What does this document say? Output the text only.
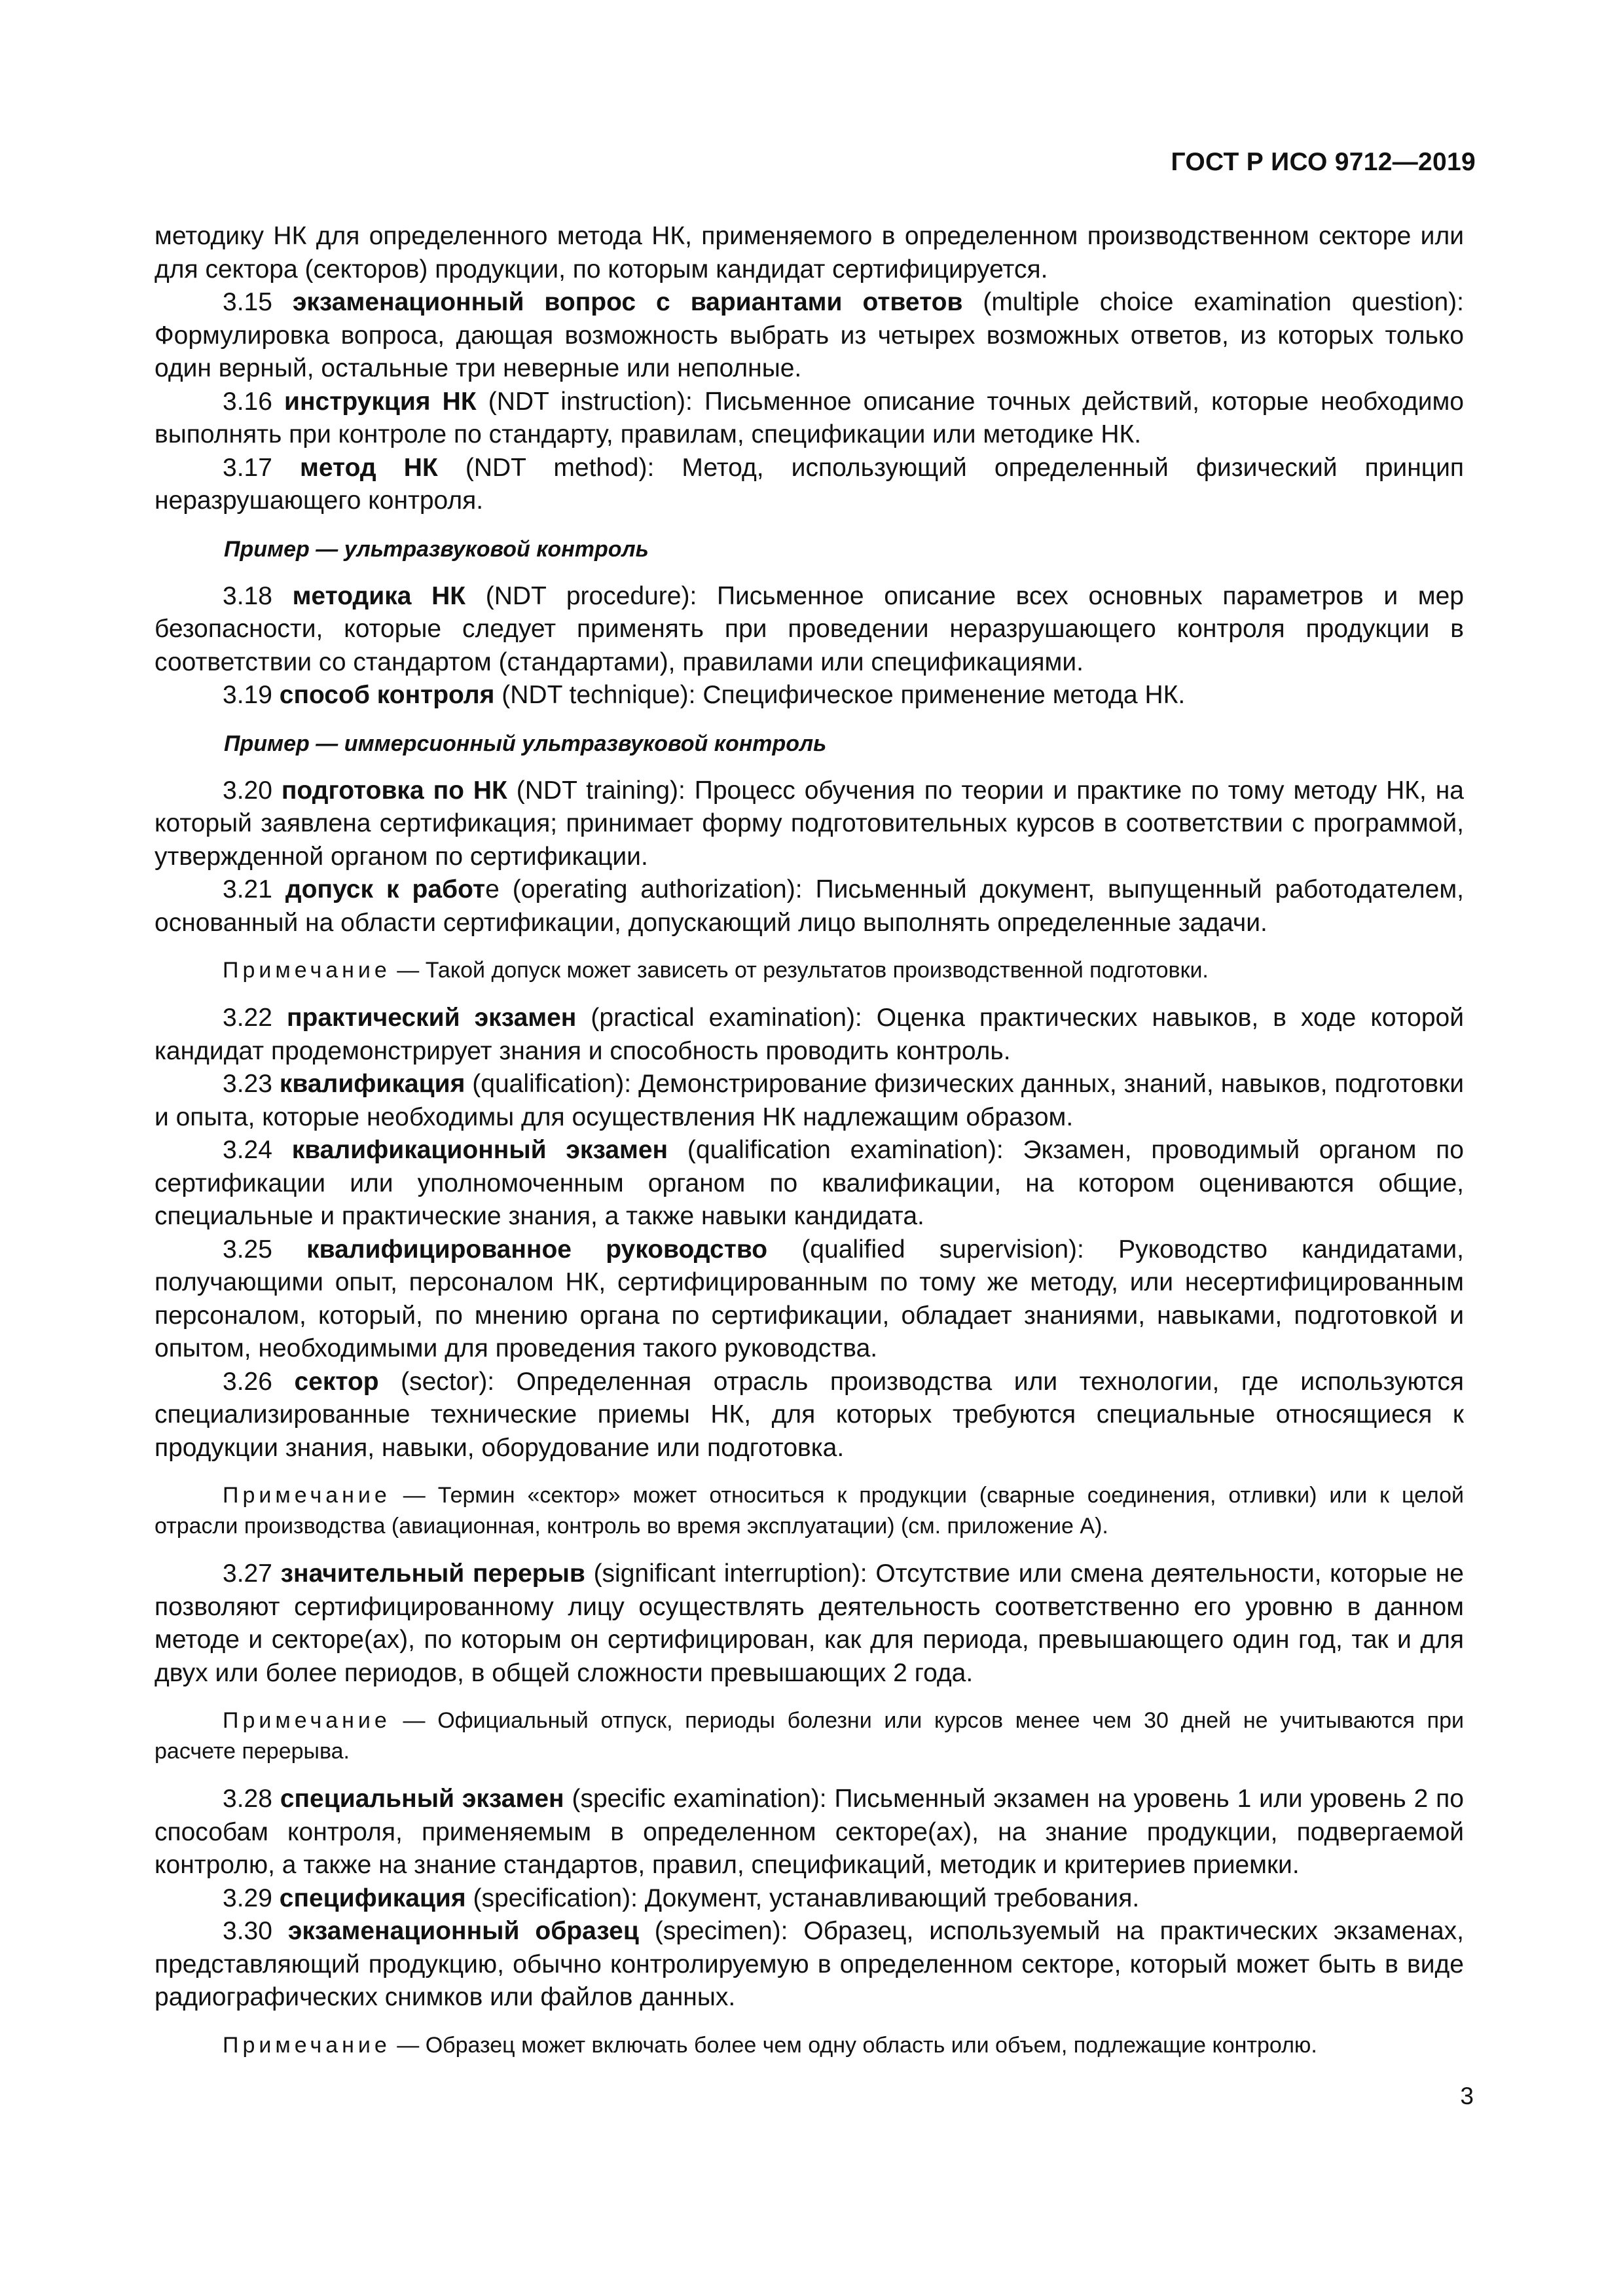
ГОСТ Р ИСО 9712—2019

методику НК для определенного метода НК, применяемого в определенном производственном секторе или для сектора (секторов) продукции, по которым кандидат сертифицируется.

3.15 экзаменационный вопрос с вариантами ответов (multiple choice examination question): Формулировка вопроса, дающая возможность выбрать из четырех возможных ответов, из которых только один верный, остальные три неверные или неполные.

3.16 инструкция НК (NDT instruction): Письменное описание точных действий, которые необходимо выполнять при контроле по стандарту, правилам, спецификации или методике НК.

3.17 метод НК (NDT method): Метод, использующий определенный физический принцип неразрушающего контроля.

Пример — ультразвуковой контроль

3.18 методика НК (NDT procedure): Письменное описание всех основных параметров и мер безопасности, которые следует применять при проведении неразрушающего контроля продукции в соответствии со стандартом (стандартами), правилами или спецификациями.

3.19 способ контроля (NDT technique): Специфическое применение метода НК.

Пример — иммерсионный ультразвуковой контроль

3.20 подготовка по НК (NDT training): Процесс обучения по теории и практике по тому методу НК, на который заявлена сертификация; принимает форму подготовительных курсов в соответствии с программой, утвержденной органом по сертификации.

3.21 допуск к работе (operating authorization): Письменный документ, выпущенный работодателем, основанный на области сертификации, допускающий лицо выполнять определенные задачи.

Примечание — Такой допуск может зависеть от результатов производственной подготовки.

3.22 практический экзамен (practical examination): Оценка практических навыков, в ходе которой кандидат продемонстрирует знания и способность проводить контроль.

3.23 квалификация (qualification): Демонстрирование физических данных, знаний, навыков, подготовки и опыта, которые необходимы для осуществления НК надлежащим образом.

3.24 квалификационный экзамен (qualification examination): Экзамен, проводимый органом по сертификации или уполномоченным органом по квалификации, на котором оцениваются общие, специальные и практические знания, а также навыки кандидата.

3.25 квалифицированное руководство (qualified supervision): Руководство кандидатами, получающими опыт, персоналом НК, сертифицированным по тому же методу, или несертифицированным персоналом, который, по мнению органа по сертификации, обладает знаниями, навыками, подготовкой и опытом, необходимыми для проведения такого руководства.

3.26 сектор (sector): Определенная отрасль производства или технологии, где используются специализированные технические приемы НК, для которых требуются специальные относящиеся к продукции знания, навыки, оборудование или подготовка.

Примечание — Термин «сектор» может относиться к продукции (сварные соединения, отливки) или к целой отрасли производства (авиационная, контроль во время эксплуатации) (см. приложение А).

3.27 значительный перерыв (significant interruption): Отсутствие или смена деятельности, которые не позволяют сертифицированному лицу осуществлять деятельность соответственно его уровню в данном методе и секторе(ах), по которым он сертифицирован, как для периода, превышающего один год, так и для двух или более периодов, в общей сложности превышающих 2 года.

Примечание — Официальный отпуск, периоды болезни или курсов менее чем 30 дней не учитываются при расчете перерыва.

3.28 специальный экзамен (specific examination): Письменный экзамен на уровень 1 или уровень 2 по способам контроля, применяемым в определенном секторе(ах), на знание продукции, подвергаемой контролю, а также на знание стандартов, правил, спецификаций, методик и критериев приемки.

3.29 спецификация (specification): Документ, устанавливающий требования.

3.30 экзаменационный образец (specimen): Образец, используемый на практических экзаменах, представляющий продукцию, обычно контролируемую в определенном секторе, который может быть в виде радиографических снимков или файлов данных.

Примечание — Образец может включать более чем одну область или объем, подлежащие контролю.

3
